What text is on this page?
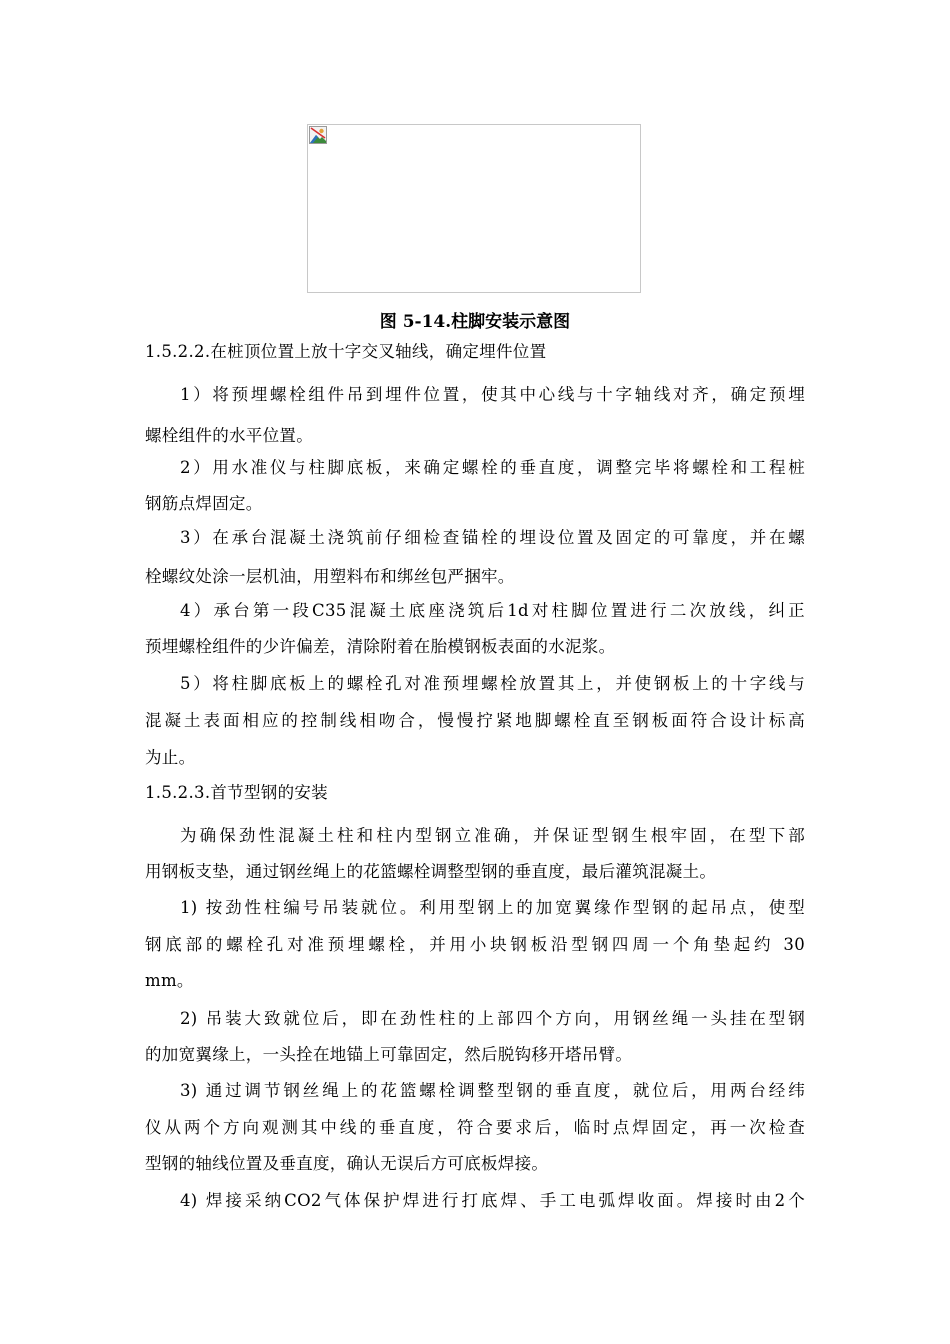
图 5-14.柱脚安装示意图
1.5.2.2.在桩顶位置上放十字交叉轴线，确定埋件位置
1）将预埋螺栓组件吊到埋件位置，使其中心线与十字轴线对齐，确定预埋
螺栓组件的水平位置。
2）用水准仪与柱脚底板，来确定螺栓的垂直度，调整完毕将螺栓和工程桩
钢筋点焊固定。
3）在承台混凝土浇筑前仔细检查锚栓的埋设位置及固定的可靠度，并在螺
栓螺纹处涂一层机油，用塑料布和绑丝包严捆牢。
4）承台第一段C35混凝土底座浇筑后1d对柱脚位置进行二次放线，纠正
预埋螺栓组件的少许偏差，清除附着在胎模钢板表面的水泥浆。
5）将柱脚底板上的螺栓孔对准预埋螺栓放置其上，并使钢板上的十字线与
混凝土表面相应的控制线相吻合，慢慢拧紧地脚螺栓直至钢板面符合设计标高
为止。
1.5.2.3.首节型钢的安装
为确保劲性混凝土柱和柱内型钢立准确，并保证型钢生根牢固，在型下部
用钢板支垫，通过钢丝绳上的花篮螺栓调整型钢的垂直度，最后灌筑混凝土。
1) 按劲性柱编号吊装就位。利用型钢上的加宽翼缘作型钢的起吊点，使型
钢底部的螺栓孔对准预埋螺栓，并用小块钢板沿型钢四周一个角垫起约 30
mm。
2) 吊装大致就位后，即在劲性柱的上部四个方向，用钢丝绳一头挂在型钢
的加宽翼缘上，一头拴在地锚上可靠固定，然后脱钩移开塔吊臂。
3) 通过调节钢丝绳上的花篮螺栓调整型钢的垂直度，就位后，用两台经纬
仪从两个方向观测其中线的垂直度，符合要求后，临时点焊固定，再一次检查
型钢的轴线位置及垂直度，确认无误后方可底板焊接。
4) 焊接采纳CO2气体保护焊进行打底焊、手工电弧焊收面。焊接时由2个
